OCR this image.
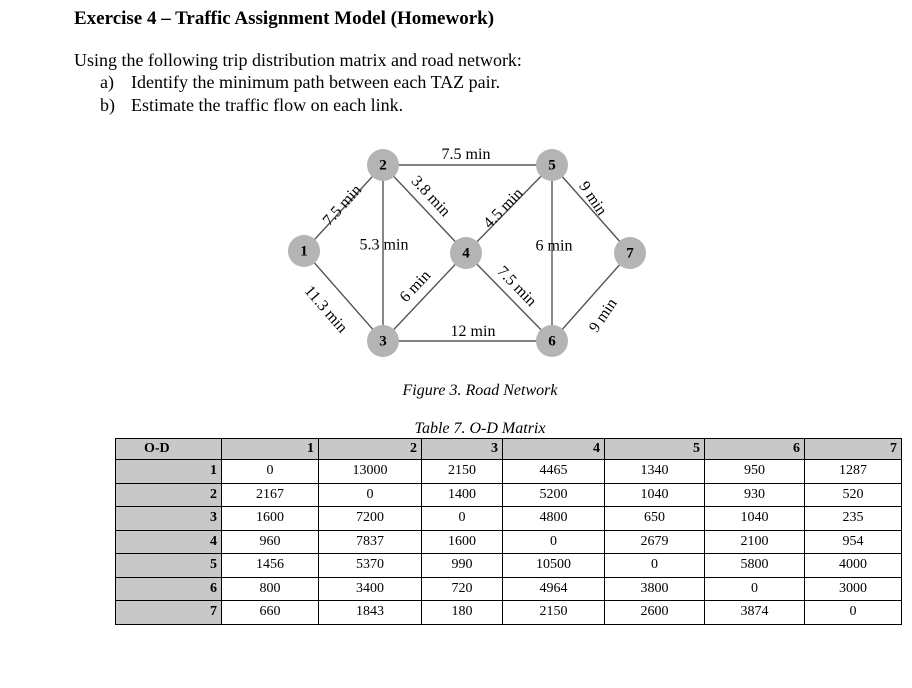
Exercise 4 – Traffic Assignment Model (Homework)

Using the following trip distribution matrix and road network:

a) Identify the minimum path between each TAZ pair.
b) Estimate the traffic flow on each link.
7.5 min
11.3 min
5.3 min
3.8 min
7.5 min
6 min
12 min
4.5 min
7.5 min
6 min
9 min
9 min
1
2
3
4
5
6
7
Figure 3. Road Network
Table 7. O-D Matrix
O-D	1	2	3	4	5	6	7
1	0	13000	2150	4465	1340	950	1287
2	2167	0	1400	5200	1040	930	520
3	1600	7200	0	4800	650	1040	235
4	960	7837	1600	0	2679	2100	954
5	1456	5370	990	10500	0	5800	4000
6	800	3400	720	4964	3800	0	3000
7	660	1843	180	2150	2600	3874	0
